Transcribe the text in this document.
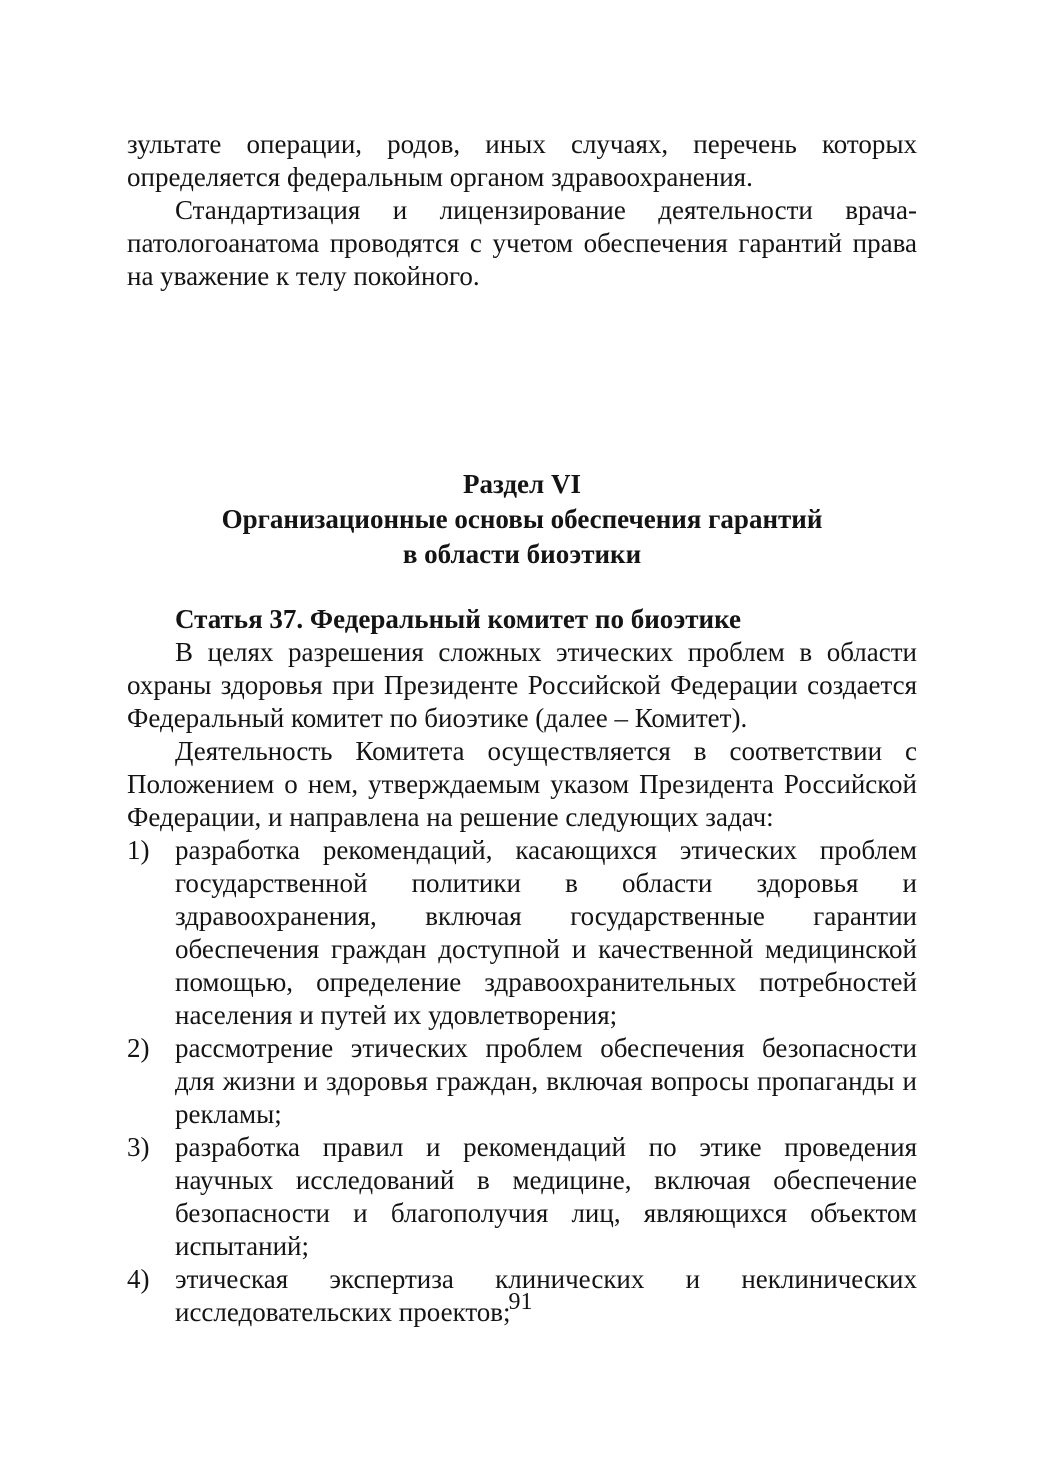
зультате операции, родов, иных случаях, перечень которых определяется федеральным органом здравоохранения.

Стандартизация и лицензирование деятельности врача-патологоанатома проводятся с учетом обеспечения гарантий права на уважение к телу покойного.

Раздел VI
Организационные основы обеспечения гарантий
в области биоэтики

Статья 37. Федеральный комитет по биоэтике

В целях разрешения сложных этических проблем в области охраны здоровья при Президенте Российской Федерации создается Федеральный комитет по биоэтике (далее – Комитет).

Деятельность Комитета осуществляется в соответствии с Положением о нем, утверждаемым указом Президента Российской Федерации, и направлена на решение следующих задач:

1) разработка рекомендаций, касающихся этических проблем государственной политики в области здоровья и здравоохранения, включая государственные гарантии обеспечения граждан доступной и качественной медицинской помощью, определение здравоохранительных потребностей населения и путей их удовлетворения;
2) рассмотрение этических проблем обеспечения безопасности для жизни и здоровья граждан, включая вопросы пропаганды и рекламы;
3) разработка правил и рекомендаций по этике проведения научных исследований в медицине, включая обеспечение безопасности и благополучия лиц, являющихся объектом испытаний;
4) этическая экспертиза клинических и неклинических исследовательских проектов;
91
